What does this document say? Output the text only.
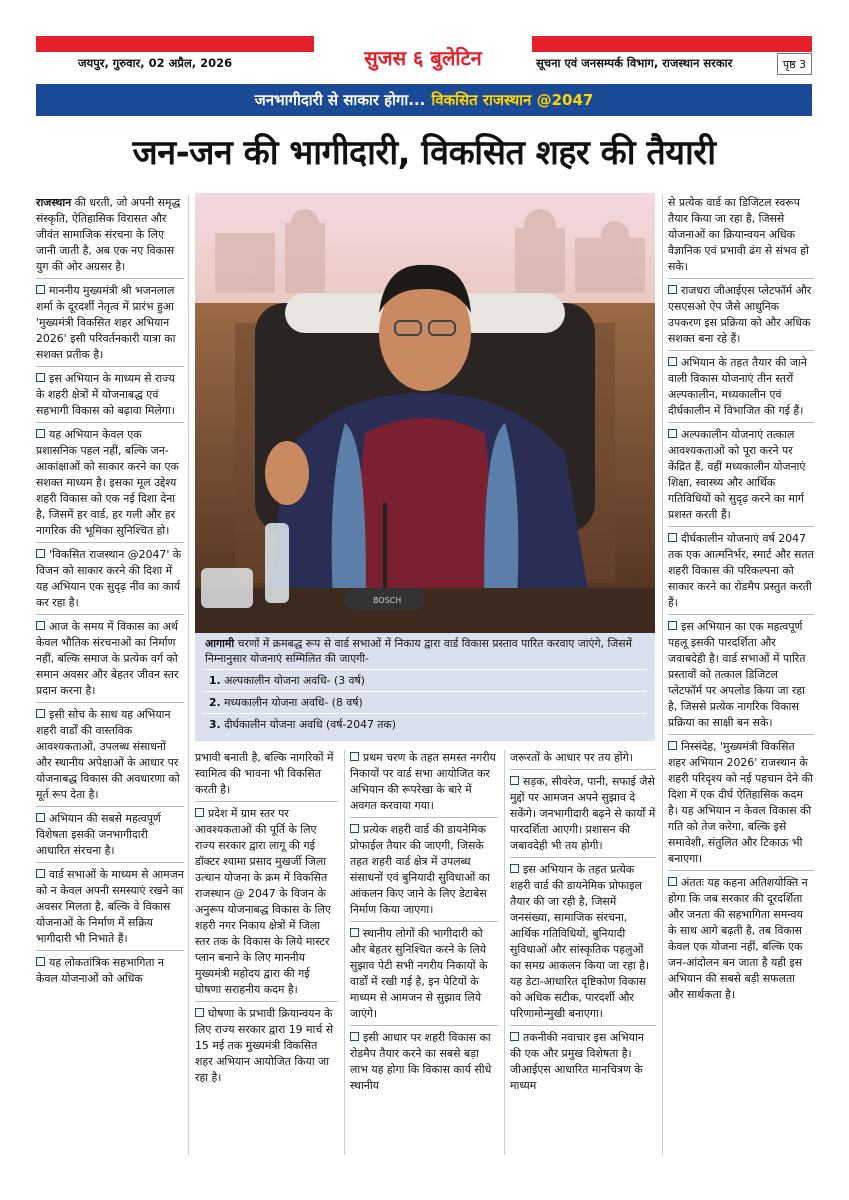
जयपुर, गुरुवार, 02 अप्रैल, 2026	सुजस ६ बुलेटिन	सूचना एवं जनसम्पर्क विभाग, राजस्थान सरकार	पृष्ठ 3
जनभागीदारी से साकार होगा... विकसित राजस्थान @2047
जन-जन की भागीदारी, विकसित शहर की तैयारी

राजस्थान की धरती, जो अपनी समृद्ध संस्कृति, ऐतिहासिक विरासत और जीवंत सामाजिक संरचना के लिए जानी जाती है, अब एक नए विकास युग की ओर अग्रसर है।

माननीय मुख्यमंत्री श्री भजनलाल शर्मा के दूरदर्शी नेतृत्व में प्रारंभ हुआ 'मुख्यमंत्री विकसित शहर अभियान 2026' इसी परिवर्तनकारी यात्रा का सशक्त प्रतीक है।

इस अभियान के माध्यम से राज्य के शहरी क्षेत्रों में योजनाबद्ध एवं सहभागी विकास को बढ़ावा मिलेगा।

यह अभियान केवल एक प्रशासनिक पहल नहीं, बल्कि जन-आकांक्षाओं को साकार करने का एक सशक्त माध्यम है। इसका मूल उद्देश्य शहरी विकास को एक नई दिशा देना है, जिसमें हर वार्ड, हर गली और हर नागरिक की भूमिका सुनिश्चित हो।

'विकसित राजस्थान @2047' के विजन को साकार करने की दिशा में यह अभियान एक सुदृढ़ नींव का कार्य कर रहा है।

आज के समय में विकास का अर्थ केवल भौतिक संरचनाओं का निर्माण नहीं, बल्कि समाज के प्रत्येक वर्ग को समान अवसर और बेहतर जीवन स्तर प्रदान करना है।

इसी सोच के साथ यह अभियान शहरी वार्डों की वास्तविक आवश्यकताओं, उपलब्ध संसाधनों और स्थानीय अपेक्षाओं के आधार पर योजनाबद्ध विकास की अवधारणा को मूर्त रूप देता है।

अभियान की सबसे महत्वपूर्ण विशेषता इसकी जनभागीदारी आधारित संरचना है।

वार्ड सभाओं के माध्यम से आमजन को न केवल अपनी समस्याएं रखने का अवसर मिलता है, बल्कि वे विकास योजनाओं के निर्माण में सक्रिय भागीदारी भी निभाते हैं।

यह लोकतांत्रिक सहभागिता न केवल योजनाओं को अधिक

BOSCH
आगामी चरणों में क्रमबद्ध रूप से वार्ड सभाओं में निकाय द्वारा वार्ड विकास प्रस्ताव पारित करवाए जाएंगे, जिसमें निम्नानुसार योजनाएं सम्मिलित की जाएगी-
1. अल्पकालीन योजना अवधि- (3 वर्ष)
2. मध्यकालीन योजना अवधि- (8 वर्ष)
3. दीर्घकालीन योजना अवधि (वर्ष-2047 तक)

प्रभावी बनाती है, बल्कि नागरिकों में स्वामित्व की भावना भी विकसित करती है।

प्रदेश में ग्राम स्तर पर आवश्यकताओं की पूर्ति के लिए राज्य सरकार द्वारा लागू की गई डॉक्टर श्यामा प्रसाद मुखर्जी जिला उत्थान योजना के क्रम में विकसित राजस्थान @ 2047 के विजन के अनुरूप योजनाबद्ध विकास के लिए शहरी नगर निकाय क्षेत्रों में जिला स्तर तक के विकास के लिये मास्टर प्लान बनाने के लिए माननीय मुख्यमंत्री महोदय द्वारा की गई घोषणा सराहनीय कदम है।

घोषणा के प्रभावी क्रियान्वयन के लिए राज्य सरकार द्वारा 19 मार्च से 15 मई तक मुख्यमंत्री विकसित शहर अभियान आयोजित किया जा रहा है।

प्रथम चरण के तहत समस्त नगरीय निकायों पर वार्ड सभा आयोजित कर अभियान की रूपरेखा के बारे में अवगत करवाया गया।

प्रत्येक शहरी वार्ड की डायनेमिक प्रोफाईल तैयार की जाएगी, जिसके तहत शहरी वार्ड क्षेत्र में उपलब्ध संसाधनों एवं बुनियादी सुविधाओं का आंकलन किए जाने के लिए डेटाबेस निर्माण किया जाएगा।

स्थानीय लोगों की भागीदारी को और बेहतर सुनिश्चित करने के लिये सुझाव पेटी सभी नगरीय निकायों के वार्डों में रखी गई है, इन पेटियों के माध्यम से आमजन से सुझाव लिये जाएंगे।

इसी आधार पर शहरी विकास का रोडमैप तैयार करने का सबसे बड़ा लाभ यह होगा कि विकास कार्य सीधे स्थानीय

जरूरतों के आधार पर तय होंगे।

सड़क, सीवरेज, पानी, सफाई जैसे मुद्दों पर आमजन अपने सुझाव दे सकेंगे। जनभागीदारी बढ़ने से कार्यों में पारदर्शिता आएगी। प्रशासन की जबावदेही भी तय होगी।

इस अभियान के तहत प्रत्येक शहरी वार्ड की डायनेमिक प्रोफाइल तैयार की जा रही है, जिसमें जनसंख्या, सामाजिक संरचना, आर्थिक गतिविधियों, बुनियादी सुविधाओं और सांस्कृतिक पहलुओं का समग्र आकलन किया जा रहा है। यह डेटा-आधारित दृष्टिकोण विकास को अधिक सटीक, पारदर्शी और परिणामोन्मुखी बनाएगा।

तकनीकी नवाचार इस अभियान की एक और प्रमुख विशेषता है। जीआईएस आधारित मानचित्रण के माध्यम

से प्रत्येक वार्ड का डिजिटल स्वरूप तैयार किया जा रहा है, जिससे योजनाओं का क्रियान्वयन अधिक वैज्ञानिक एवं प्रभावी ढंग से संभव हो सके।

राजधरा जीआईएस प्लेटफॉर्म और एसएसओ ऐप जैसे आधुनिक उपकरण इस प्रक्रिया को और अधिक सशक्त बना रहे हैं।

अभियान के तहत तैयार की जाने वाली विकास योजनाएं तीन स्तरों अल्पकालीन, मध्यकालीन एवं दीर्घकालीन में विभाजित की गई हैं।

अल्पकालीन योजनाएं तत्काल आवश्यकताओं को पूरा करने पर केंद्रित हैं, वहीं मध्यकालीन योजनाएं शिक्षा, स्वास्थ्य और आर्थिक गतिविधियों को सुदृढ़ करने का मार्ग प्रशस्त करती हैं।

दीर्घकालीन योजनाएं वर्ष 2047 तक एक आत्मनिर्भर, स्मार्ट और सतत शहरी विकास की परिकल्पना को साकार करने का रोडमैप प्रस्तुत करती हैं।

इस अभियान का एक महत्वपूर्ण पहलू इसकी पारदर्शिता और जवाबदेही है। वार्ड सभाओं में पारित प्रस्तावों को तत्काल डिजिटल प्लेटफॉर्म पर अपलोड किया जा रहा है, जिससे प्रत्येक नागरिक विकास प्रक्रिया का साक्षी बन सके।

निस्संदेह, 'मुख्यमंत्री विकसित शहर अभियान 2026' राजस्थान के शहरी परिदृश्य को नई पहचान देने की दिशा में एक दीर्घ ऐतिहासिक कदम है। यह अभियान न केवल विकास की गति को तेज करेगा, बल्कि इसे समावेशी, संतुलित और टिकाऊ भी बनाएगा।

अंततः यह कहना अतिशयोक्ति न होगा कि जब सरकार की दूरदर्शिता और जनता की सहभागिता समन्वय के साथ आगे बढ़ती है, तब विकास केवल एक योजना नहीं, बल्कि एक जन-आंदोलन बन जाता है यही इस अभियान की सबसे बड़ी सफलता और सार्थकता है।
